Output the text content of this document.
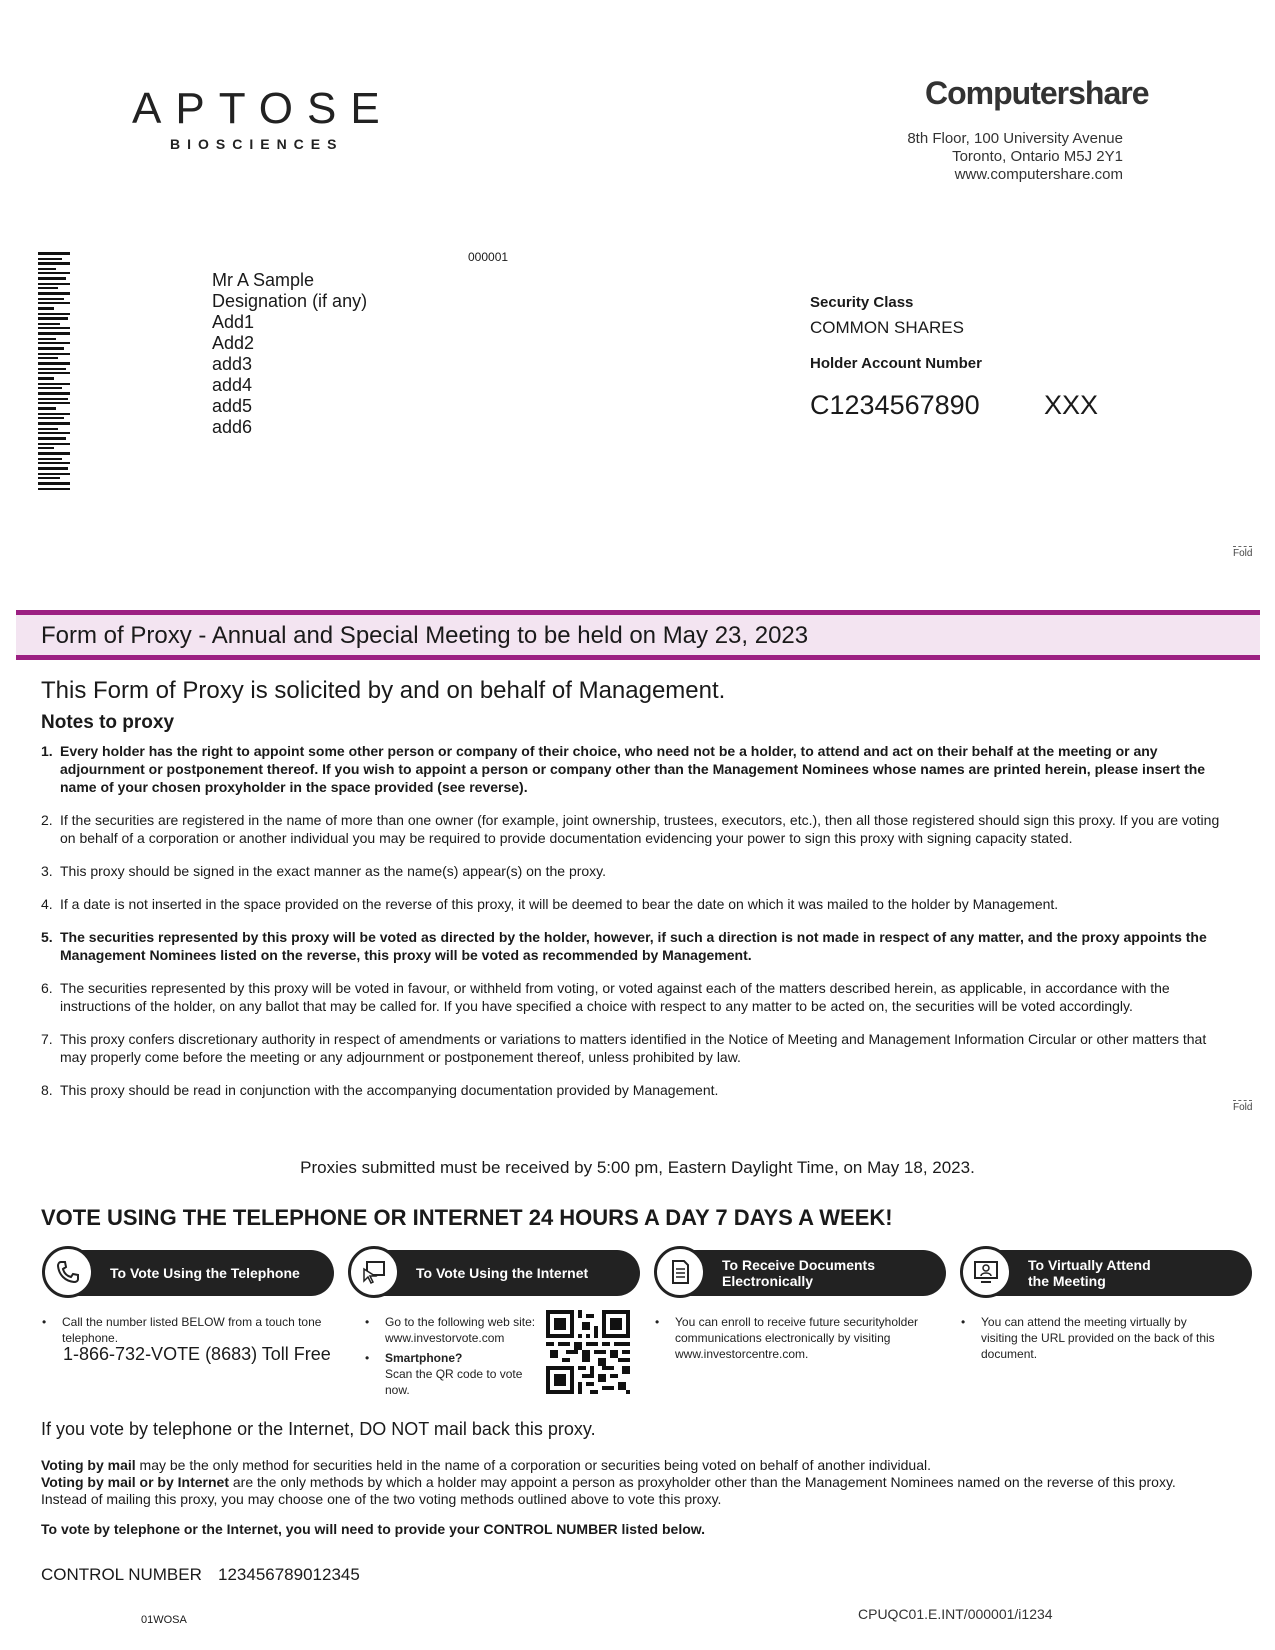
APTOSE
BIOSCIENCES
Computershare
8th Floor, 100 University Avenue
Toronto, Ontario M5J 2Y1
www.computershare.com
000001
Mr A Sample
Designation (if any)
Add1
Add2
add3
add4
add5
add6
Security Class
COMMON SHARES
Holder Account Number
C1234567890 XXX
Fold
Fold
Form of Proxy - Annual and Special Meeting to be held on May 23, 2023
This Form of Proxy is solicited by and on behalf of Management.
Notes to proxy
1. Every holder has the right to appoint some other person or company of their choice, who need not be a holder, to attend and act on their behalf at the meeting or any adjournment or postponement thereof. If you wish to appoint a person or company other than the Management Nominees whose names are printed herein, please insert the name of your chosen proxyholder in the space provided (see reverse).
2. If the securities are registered in the name of more than one owner (for example, joint ownership, trustees, executors, etc.), then all those registered should sign this proxy. If you are voting on behalf of a corporation or another individual you may be required to provide documentation evidencing your power to sign this proxy with signing capacity stated.
3. This proxy should be signed in the exact manner as the name(s) appear(s) on the proxy.
4. If a date is not inserted in the space provided on the reverse of this proxy, it will be deemed to bear the date on which it was mailed to the holder by Management.
5. The securities represented by this proxy will be voted as directed by the holder, however, if such a direction is not made in respect of any matter, and the proxy appoints the Management Nominees listed on the reverse, this proxy will be voted as recommended by Management.
6. The securities represented by this proxy will be voted in favour, or withheld from voting, or voted against each of the matters described herein, as applicable, in accordance with the instructions of the holder, on any ballot that may be called for. If you have specified a choice with respect to any matter to be acted on, the securities will be voted accordingly.
7. This proxy confers discretionary authority in respect of amendments or variations to matters identified in the Notice of Meeting and Management Information Circular or other matters that may properly come before the meeting or any adjournment or postponement thereof, unless prohibited by law.
8. This proxy should be read in conjunction with the accompanying documentation provided by Management.
Proxies submitted must be received by 5:00 pm, Eastern Daylight Time, on May 18, 2023.
VOTE USING THE TELEPHONE OR INTERNET 24 HOURS A DAY 7 DAYS A WEEK!
To Vote Using the Telephone	To Vote Using the Internet	To Receive Documents
Electronically
To Virtually Attend
the Meeting
• Call the number listed BELOW from a touch tone telephone.
1-866-732-VOTE (8683) Toll Free
• Go to the following web site: www.investorvote.com
• Smartphone?
Scan the QR code to vote now.
• You can enroll to receive future securityholder communications electronically by visiting www.investorcentre.com.
• You can attend the meeting virtually by visiting the URL provided on the back of this document.
If you vote by telephone or the Internet, DO NOT mail back this proxy.
Voting by mail may be the only method for securities held in the name of a corporation or securities being voted on behalf of another individual.
Voting by mail or by Internet are the only methods by which a holder may appoint a person as proxyholder other than the Management Nominees named on the reverse of this proxy.
Instead of mailing this proxy, you may choose one of the two voting methods outlined above to vote this proxy.
To vote by telephone or the Internet, you will need to provide your CONTROL NUMBER listed below.
CONTROL NUMBER 123456789012345
01WOSA	CPUQC01.E.INT/000001/i1234
